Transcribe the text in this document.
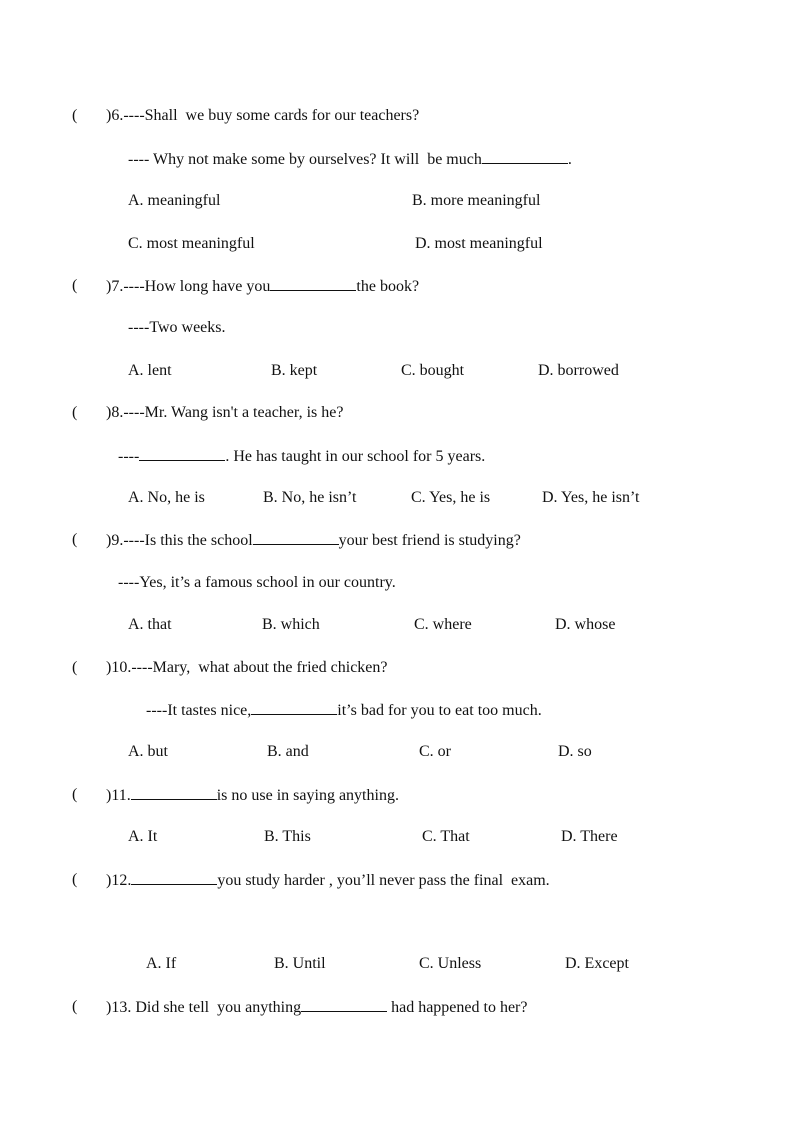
( )6.----Shall  we buy some cards for our teachers?
---- Why not make some by ourselves? It will  be much	.
A. meaningful	B. more meaningful
C. most meaningful	D. most meaningful
( )7.----How long have you	the book?
----Two weeks.
A. lent	B. kept	C. bought	D. borrowed
( )8.----Mr. Wang isn't a teacher, is he?
----	. He has taught in our school for 5 years.
A. No, he is	B. No, he isn’t	C. Yes, he is	D. Yes, he isn’t
( )9.----Is this the school	your best friend is studying?
----Yes, it’s a famous school in our country.
A. that	B. which	C. where	D. whose
( )10.----Mary,  what about the fried chicken?
----It tastes nice,	it’s bad for you to eat too much.
A. but	B. and	C. or	D. so
( )11.	is no use in saying anything.
A. It	B. This	C. That	D. There
( )12.	you study harder , you’ll never pass the final  exam.
A. If	B. Until	C. Unless	D. Except
( )13. Did she tell  you anything	had happened to her?
